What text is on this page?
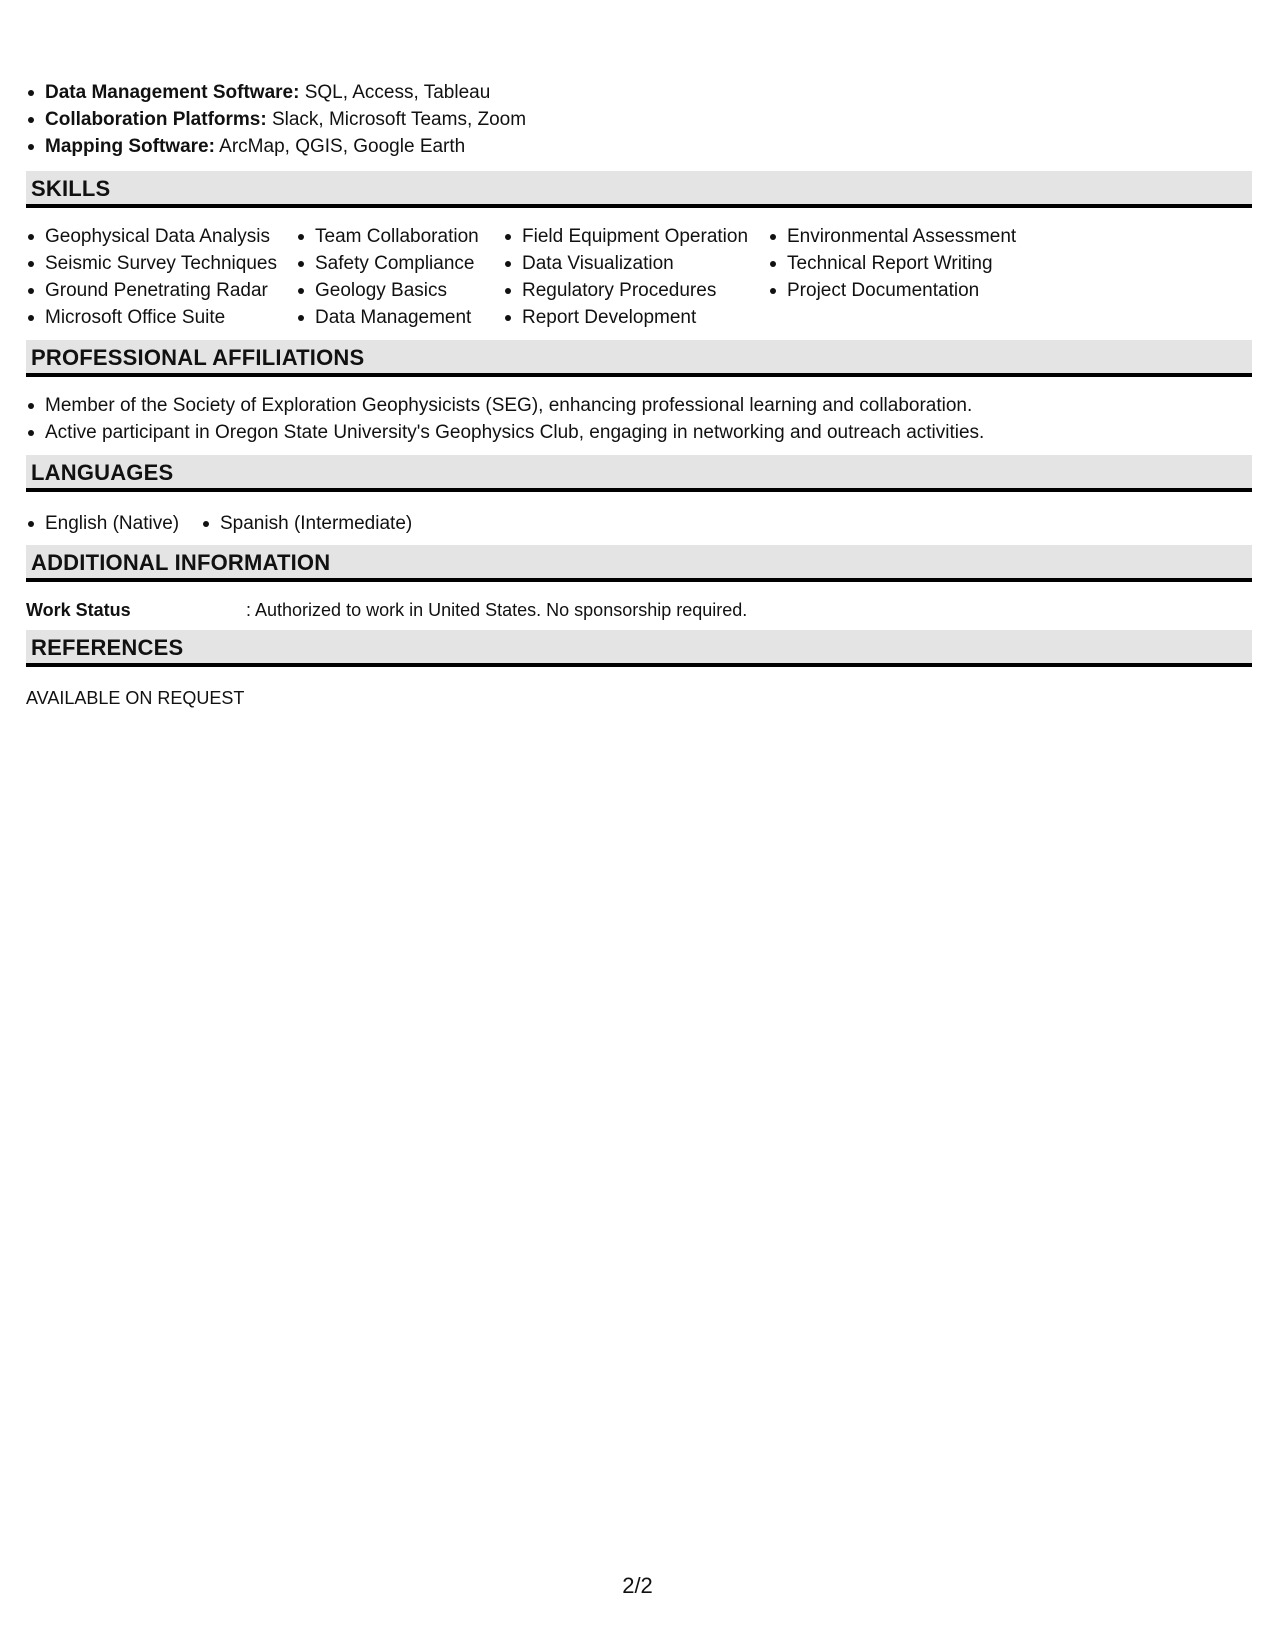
Data Management Software: SQL, Access, Tableau
Collaboration Platforms: Slack, Microsoft Teams, Zoom
Mapping Software: ArcMap, QGIS, Google Earth
SKILLS
Geophysical Data Analysis
Seismic Survey Techniques
Ground Penetrating Radar
Microsoft Office Suite
Team Collaboration
Safety Compliance
Geology Basics
Data Management
Field Equipment Operation
Data Visualization
Regulatory Procedures
Report Development
Environmental Assessment
Technical Report Writing
Project Documentation
PROFESSIONAL AFFILIATIONS
Member of the Society of Exploration Geophysicists (SEG), enhancing professional learning and collaboration.
Active participant in Oregon State University's Geophysics Club, engaging in networking and outreach activities.
LANGUAGES
English (Native)	Spanish (Intermediate)
ADDITIONAL INFORMATION
Work Status	: Authorized to work in United States. No sponsorship required.
REFERENCES
AVAILABLE ON REQUEST
2/2
